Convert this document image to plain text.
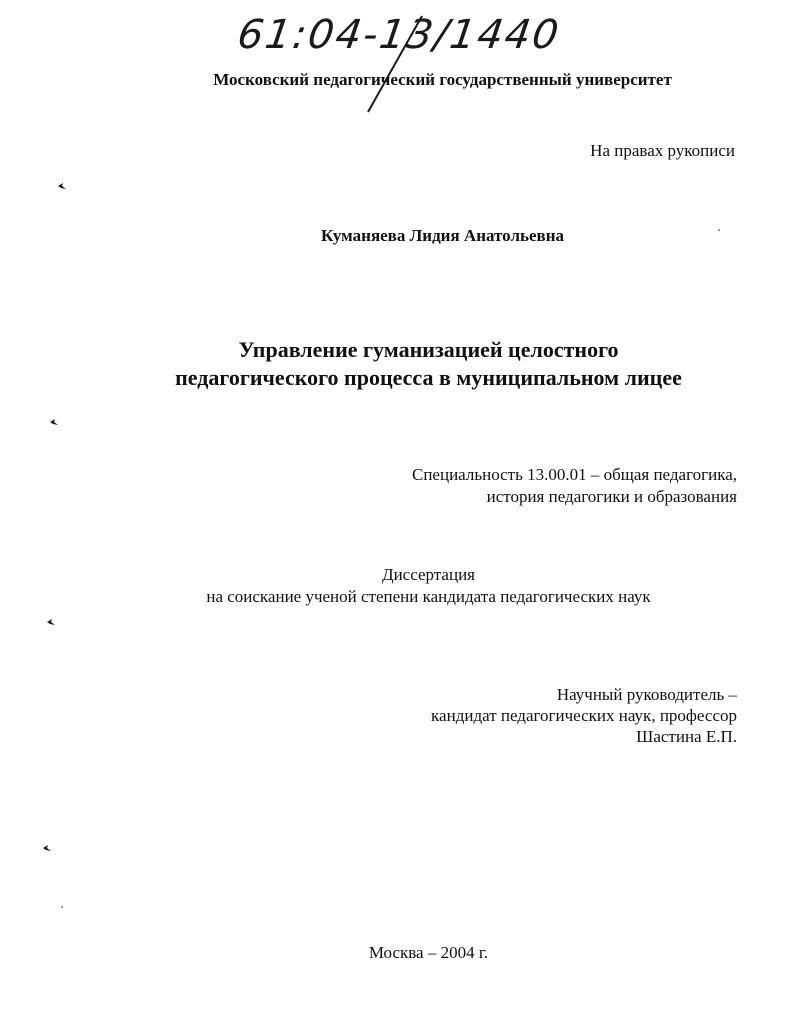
61:04-13/1440
Московский педагогический государственный университет
На правах рукописи
Куманяева Лидия Анатольевна
Управление гуманизацией целостного
педагогического процесса в муниципальном лицее
Специальность 13.00.01 – общая педагогика,
история педагогики и образования
Диссертация
на соискание ученой степени кандидата педагогических наук
Научный руководитель –
кандидат педагогических наук, профессор
Шастина Е.П.
Москва – 2004 г.
